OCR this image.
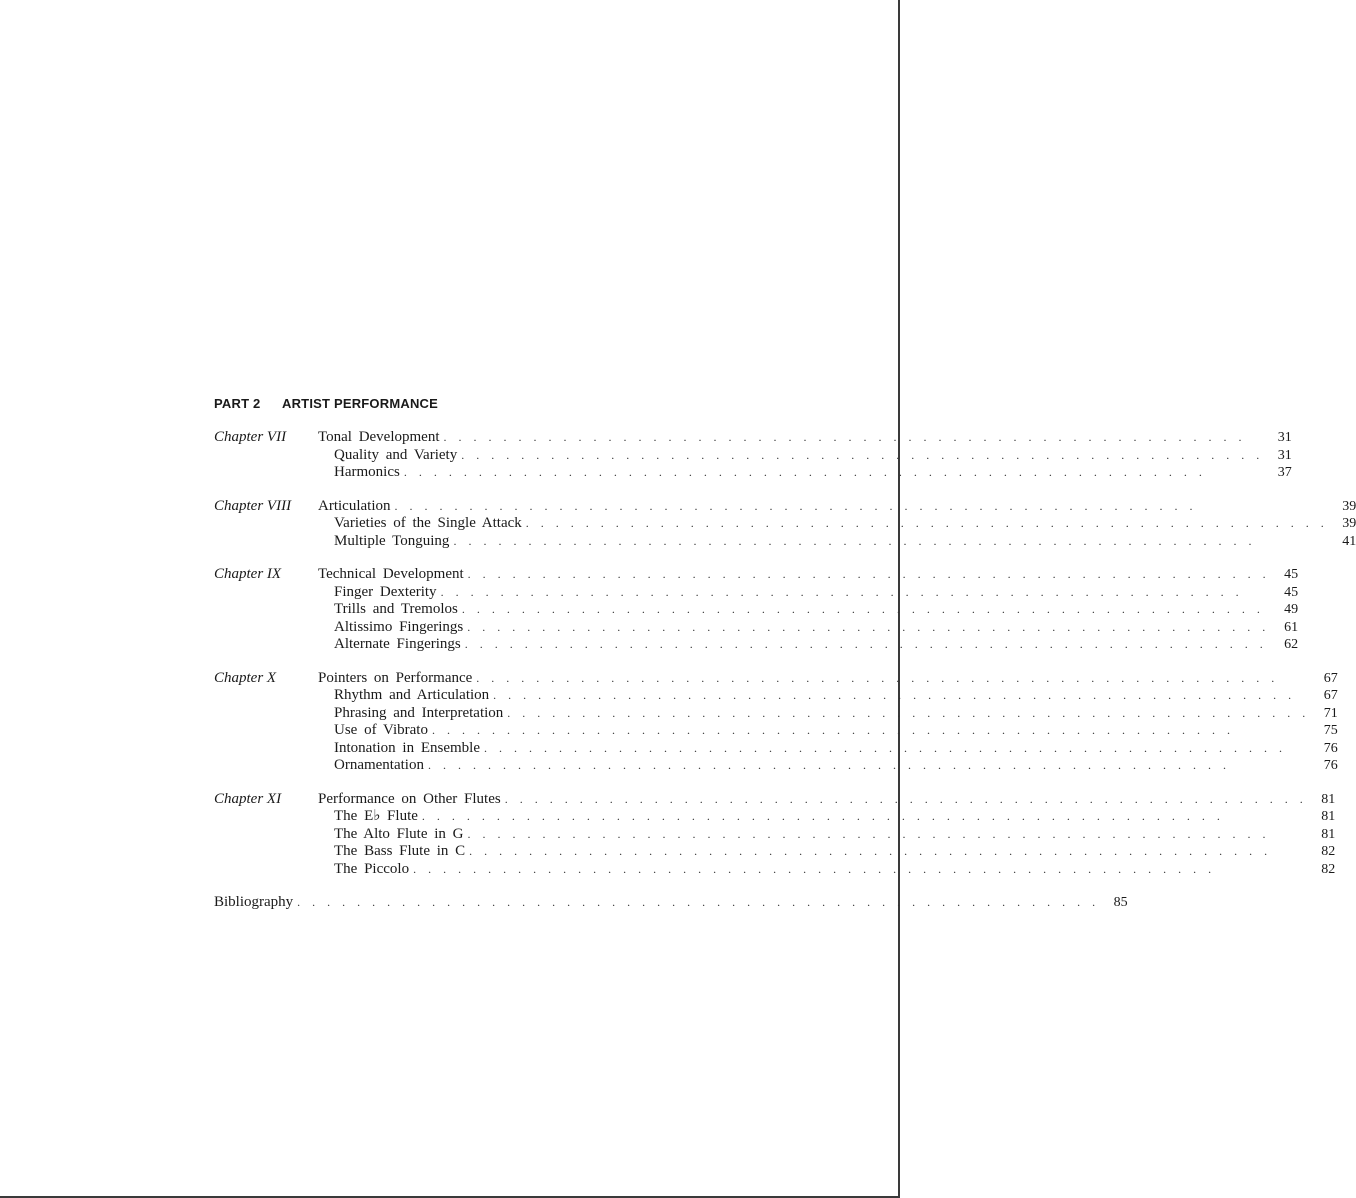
PART 2	ARTIST PERFORMANCE
Chapter VII	Tonal Development . . .	31
Quality and Variety . . .	31
Harmonics . . .	37
Chapter VIII	Articulation . . .	39
Varieties of the Single Attack . . .	39
Multiple Tonguing . . .	41
Chapter IX	Technical Development . . .	45
Finger Dexterity . . .	45
Trills and Tremolos . . .	49
Altissimo Fingerings . . .	61
Alternate Fingerings . . .	62
Chapter X	Pointers on Performance . . .	67
Rhythm and Articulation . . .	67
Phrasing and Interpretation . . .	71
Use of Vibrato . . .	75
Intonation in Ensemble . . .	76
Ornamentation . . .	76
Chapter XI	Performance on Other Flutes . . .	81
The E♭ Flute . . .	81
The Alto Flute in G . . .	81
The Bass Flute in C . . .	82
The Piccolo . . .	82
Bibliography . . .	85
